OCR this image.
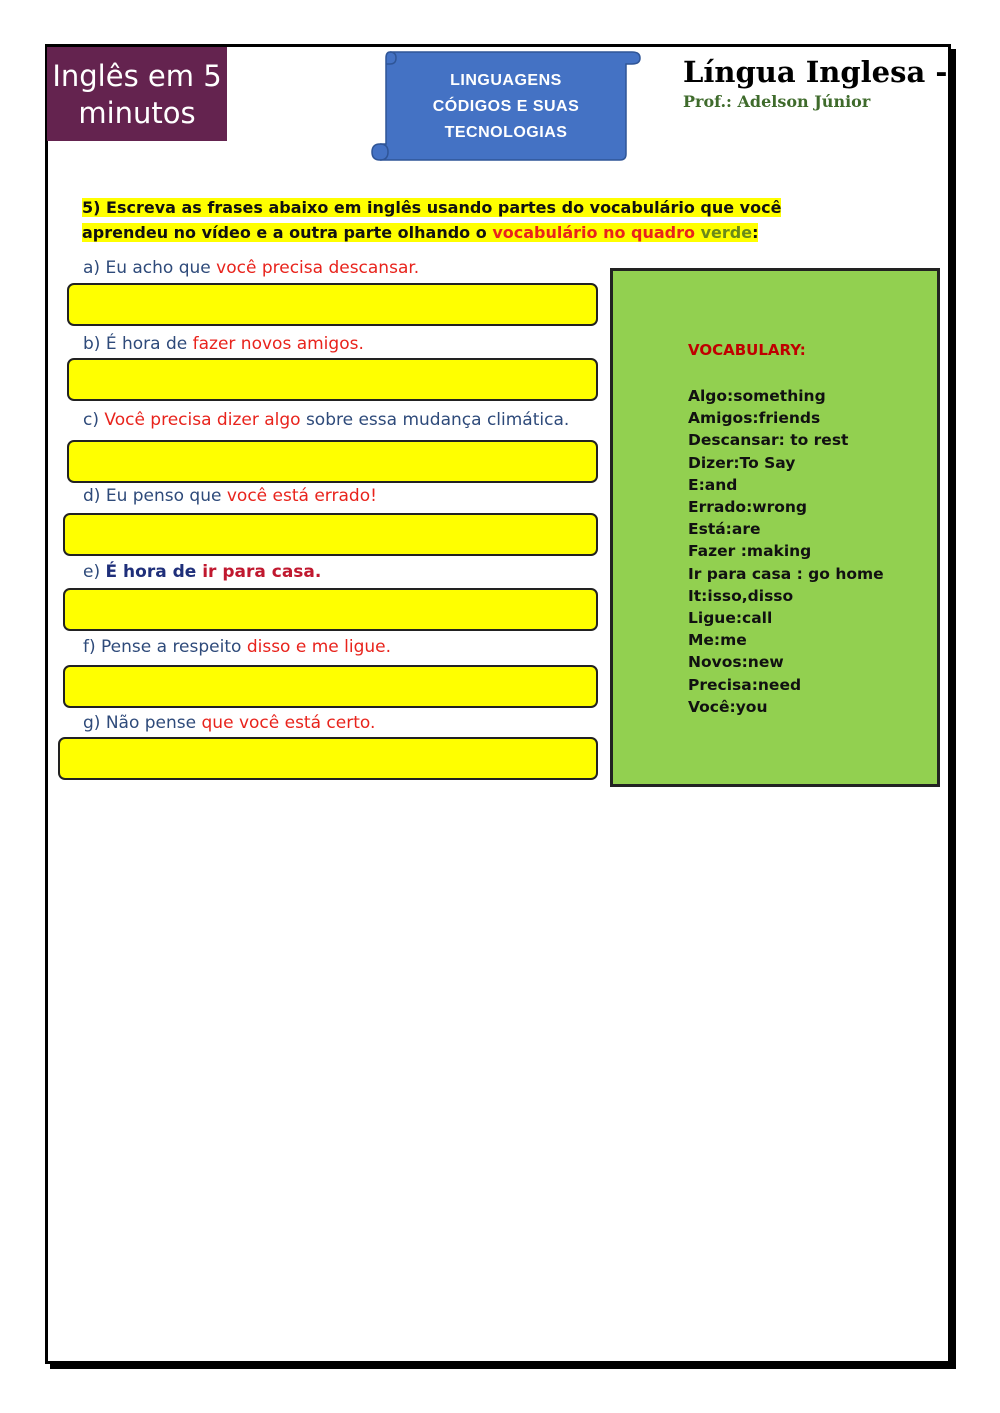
Inglês em 5
minutos
LINGUAGENS
CÓDIGOS E SUAS
TECNOLOGIAS
Língua Inglesa -
Prof.: Adelson Júnior
5) Escreva as frases abaixo em inglês usando partes do vocabulário que você aprendeu no vídeo e a outra parte olhando o vocabulário no quadro verde:
a) Eu acho que você precisa descansar.
b) É hora de fazer novos amigos.
c) Você precisa dizer algo sobre essa mudança climática.
d) Eu penso que você está errado!
e) É hora de ir para casa.
f) Pense a respeito disso e me ligue.
g) Não pense que você está certo.
VOCABULARY:
Algo:something
Amigos:friends
Descansar: to rest
Dizer:To Say
E:and
Errado:wrong
Está:are
Fazer :making
Ir para casa : go home
It:isso,disso
Ligue:call
Me:me
Novos:new
Precisa:need
Você:you
